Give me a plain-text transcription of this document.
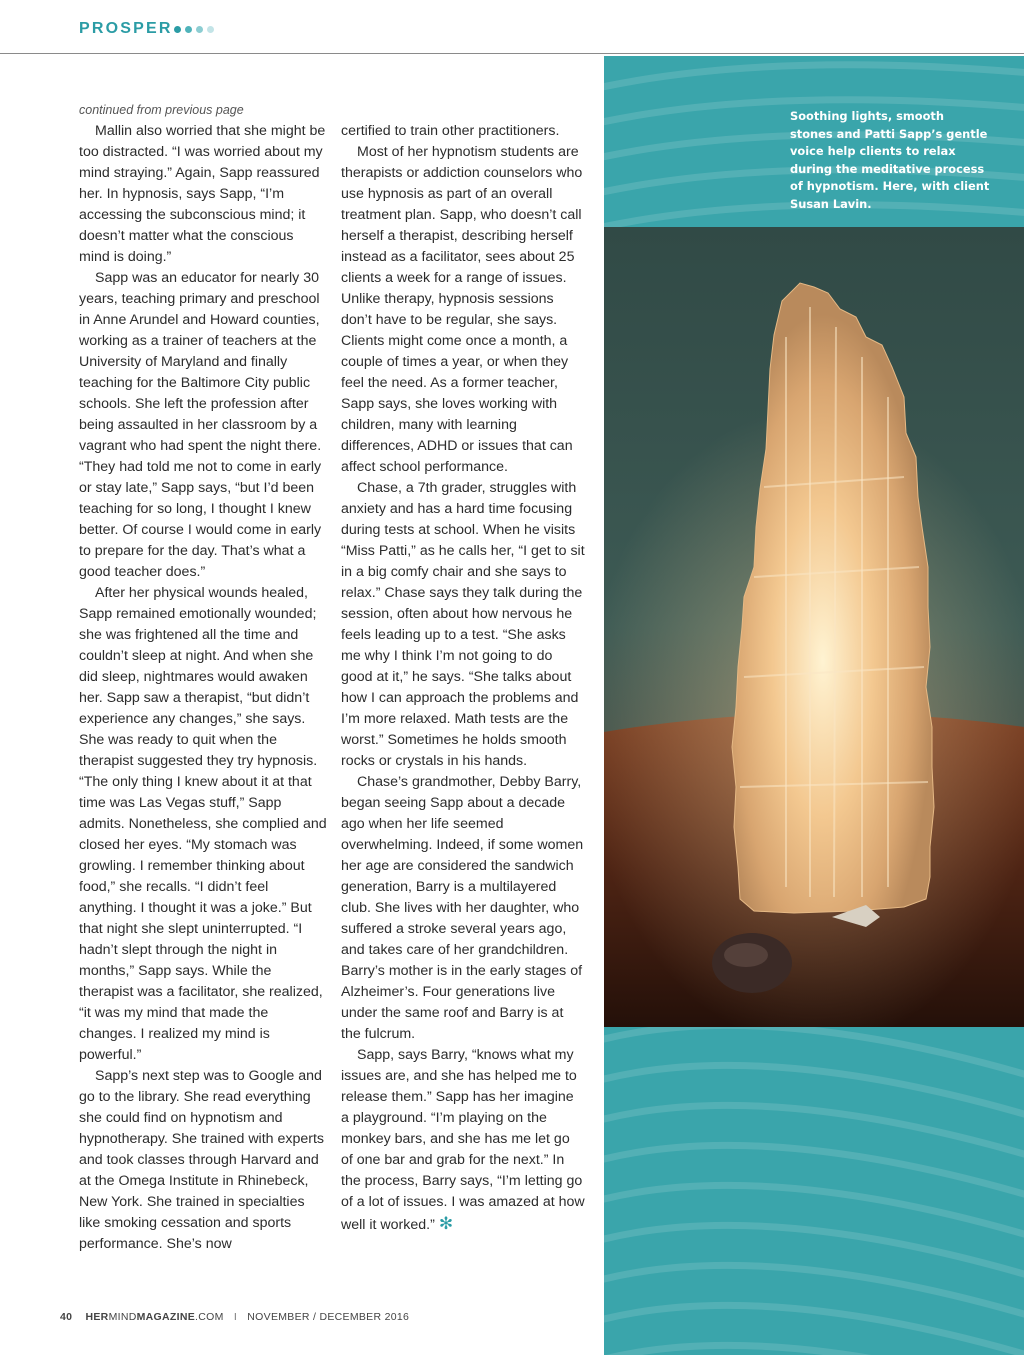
PROSPER

continued from previous page

Mallin also worried that she might be too distracted. “I was worried about my mind straying.” Again, Sapp reassured her. In hypnosis, says Sapp, “I’m accessing the subconscious mind; it doesn’t matter what the conscious mind is doing.”

Sapp was an educator for nearly 30 years, teaching primary and preschool in Anne Arundel and Howard counties, working as a trainer of teachers at the University of Maryland and finally teaching for the Baltimore City public schools. She left the profession after being assaulted in her classroom by a vagrant who had spent the night there. “They had told me not to come in early or stay late,” Sapp says, “but I’d been teaching for so long, I thought I knew better. Of course I would come in early to prepare for the day. That’s what a good teacher does.”

After her physical wounds healed, Sapp remained emotionally wounded; she was frightened all the time and couldn’t sleep at night. And when she did sleep, nightmares would awaken her. Sapp saw a therapist, “but didn’t experience any changes,” she says. She was ready to quit when the therapist suggested they try hypnosis. “The only thing I knew about it at that time was Las Vegas stuff,” Sapp admits. Nonetheless, she complied and closed her eyes. “My stomach was growling. I remember thinking about food,” she recalls. “I didn’t feel anything. I thought it was a joke.” But that night she slept uninterrupted. “I hadn’t slept through the night in months,” Sapp says. While the therapist was a facilitator, she realized, “it was my mind that made the changes. I realized my mind is powerful.”

Sapp’s next step was to Google and go to the library. She read everything she could find on hypnotism and hypnotherapy. She trained with experts and took classes through Harvard and at the Omega Institute in Rhinebeck, New York. She trained in specialties like smoking cessation and sports performance. She’s now

certified to train other practitioners.

Most of her hypnotism students are therapists or addiction counselors who use hypnosis as part of an overall treatment plan. Sapp, who doesn’t call herself a therapist, describing herself instead as a facilitator, sees about 25 clients a week for a range of issues. Unlike therapy, hypnosis sessions don’t have to be regular, she says. Clients might come once a month, a couple of times a year, or when they feel the need. As a former teacher, Sapp says, she loves working with children, many with learning differences, ADHD or issues that can affect school performance.

Chase, a 7th grader, struggles with anxiety and has a hard time focusing during tests at school. When he visits “Miss Patti,” as he calls her, “I get to sit in a big comfy chair and she says to relax.” Chase says they talk during the session, often about how nervous he feels leading up to a test. “She asks me why I think I’m not going to do good at it,” he says. “She talks about how I can approach the problems and I’m more relaxed. Math tests are the worst.” Sometimes he holds smooth rocks or crystals in his hands.

Chase’s grandmother, Debby Barry, began seeing Sapp about a decade ago when her life seemed overwhelming. Indeed, if some women her age are considered the sandwich generation, Barry is a multilayered club. She lives with her daughter, who suffered a stroke several years ago, and takes care of her grandchildren. Barry’s mother is in the early stages of Alzheimer’s. Four generations live under the same roof and Barry is at the fulcrum.

Sapp, says Barry, “knows what my issues are, and she has helped me to release them.” Sapp has her imagine a playground. “I’m playing on the monkey bars, and she has me let go of one bar and grab for the next.” In the process, Barry says, “I’m letting go of a lot of issues. I was amazed at how well it worked.” ✻

Soothing lights, smooth stones and Patti Sapp’s gentle voice help clients to relax during the meditative process of hypnotism. Here, with client Susan Lavin.
40 HERMINDMAGAZINE.COM I NOVEMBER / DECEMBER 2016
